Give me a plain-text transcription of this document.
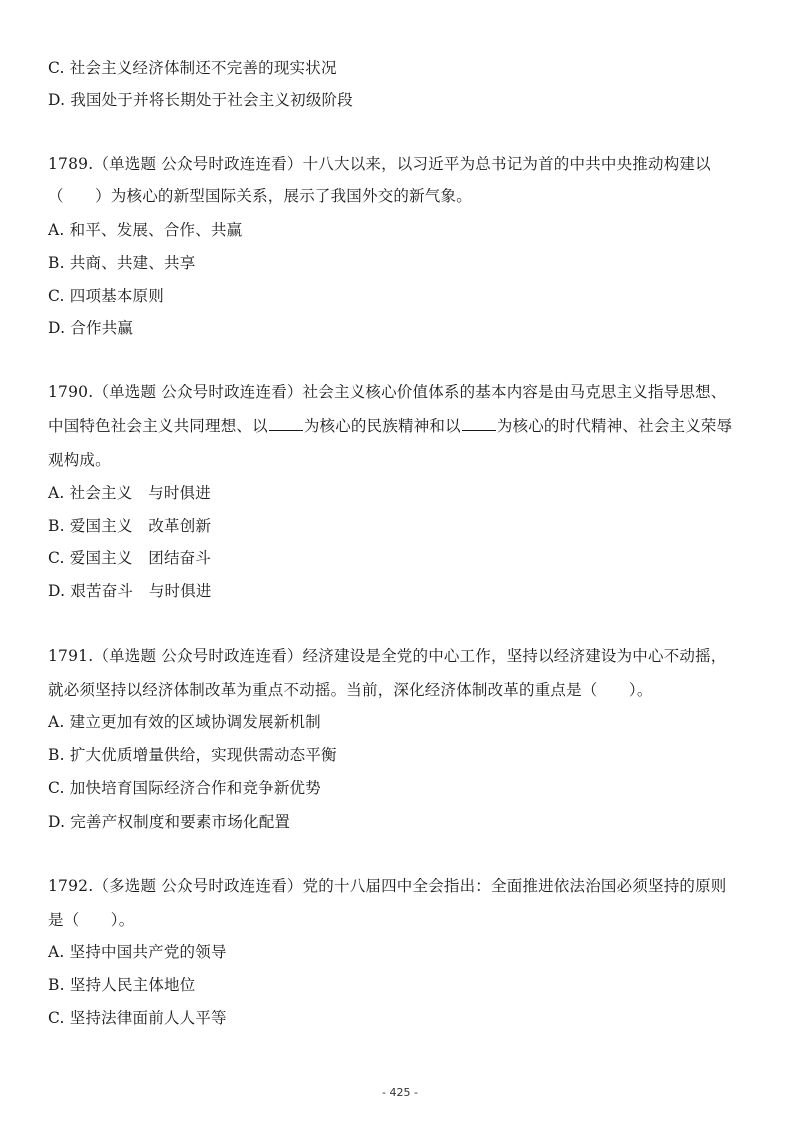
C. 社会主义经济体制还不完善的现实状况
D. 我国处于并将长期处于社会主义初级阶段
1789.（单选题 公众号时政连连看）十八大以来，以习近平为总书记为首的中共中央推动构建以
（　　）为核心的新型国际关系，展示了我国外交的新气象。
A. 和平、发展、合作、共赢
B. 共商、共建、共享
C. 四项基本原则
D. 合作共赢
1790.（单选题 公众号时政连连看）社会主义核心价值体系的基本内容是由马克思主义指导思想、
中国特色社会主义共同理想、以 为核心的民族精神和以 为核心的时代精神、社会主义荣辱
观构成。
A. 社会主义　与时俱进
B. 爱国主义　改革创新
C. 爱国主义　团结奋斗
D. 艰苦奋斗　与时俱进
1791.（单选题 公众号时政连连看）经济建设是全党的中心工作，坚持以经济建设为中心不动摇，
就必须坚持以经济体制改革为重点不动摇。当前，深化经济体制改革的重点是（　　）。
A. 建立更加有效的区域协调发展新机制
B. 扩大优质增量供给，实现供需动态平衡
C. 加快培育国际经济合作和竞争新优势
D. 完善产权制度和要素市场化配置
1792.（多选题 公众号时政连连看）党的十八届四中全会指出：全面推进依法治国必须坚持的原则
是（　　）。
A. 坚持中国共产党的领导
B. 坚持人民主体地位
C. 坚持法律面前人人平等
- 425 -
